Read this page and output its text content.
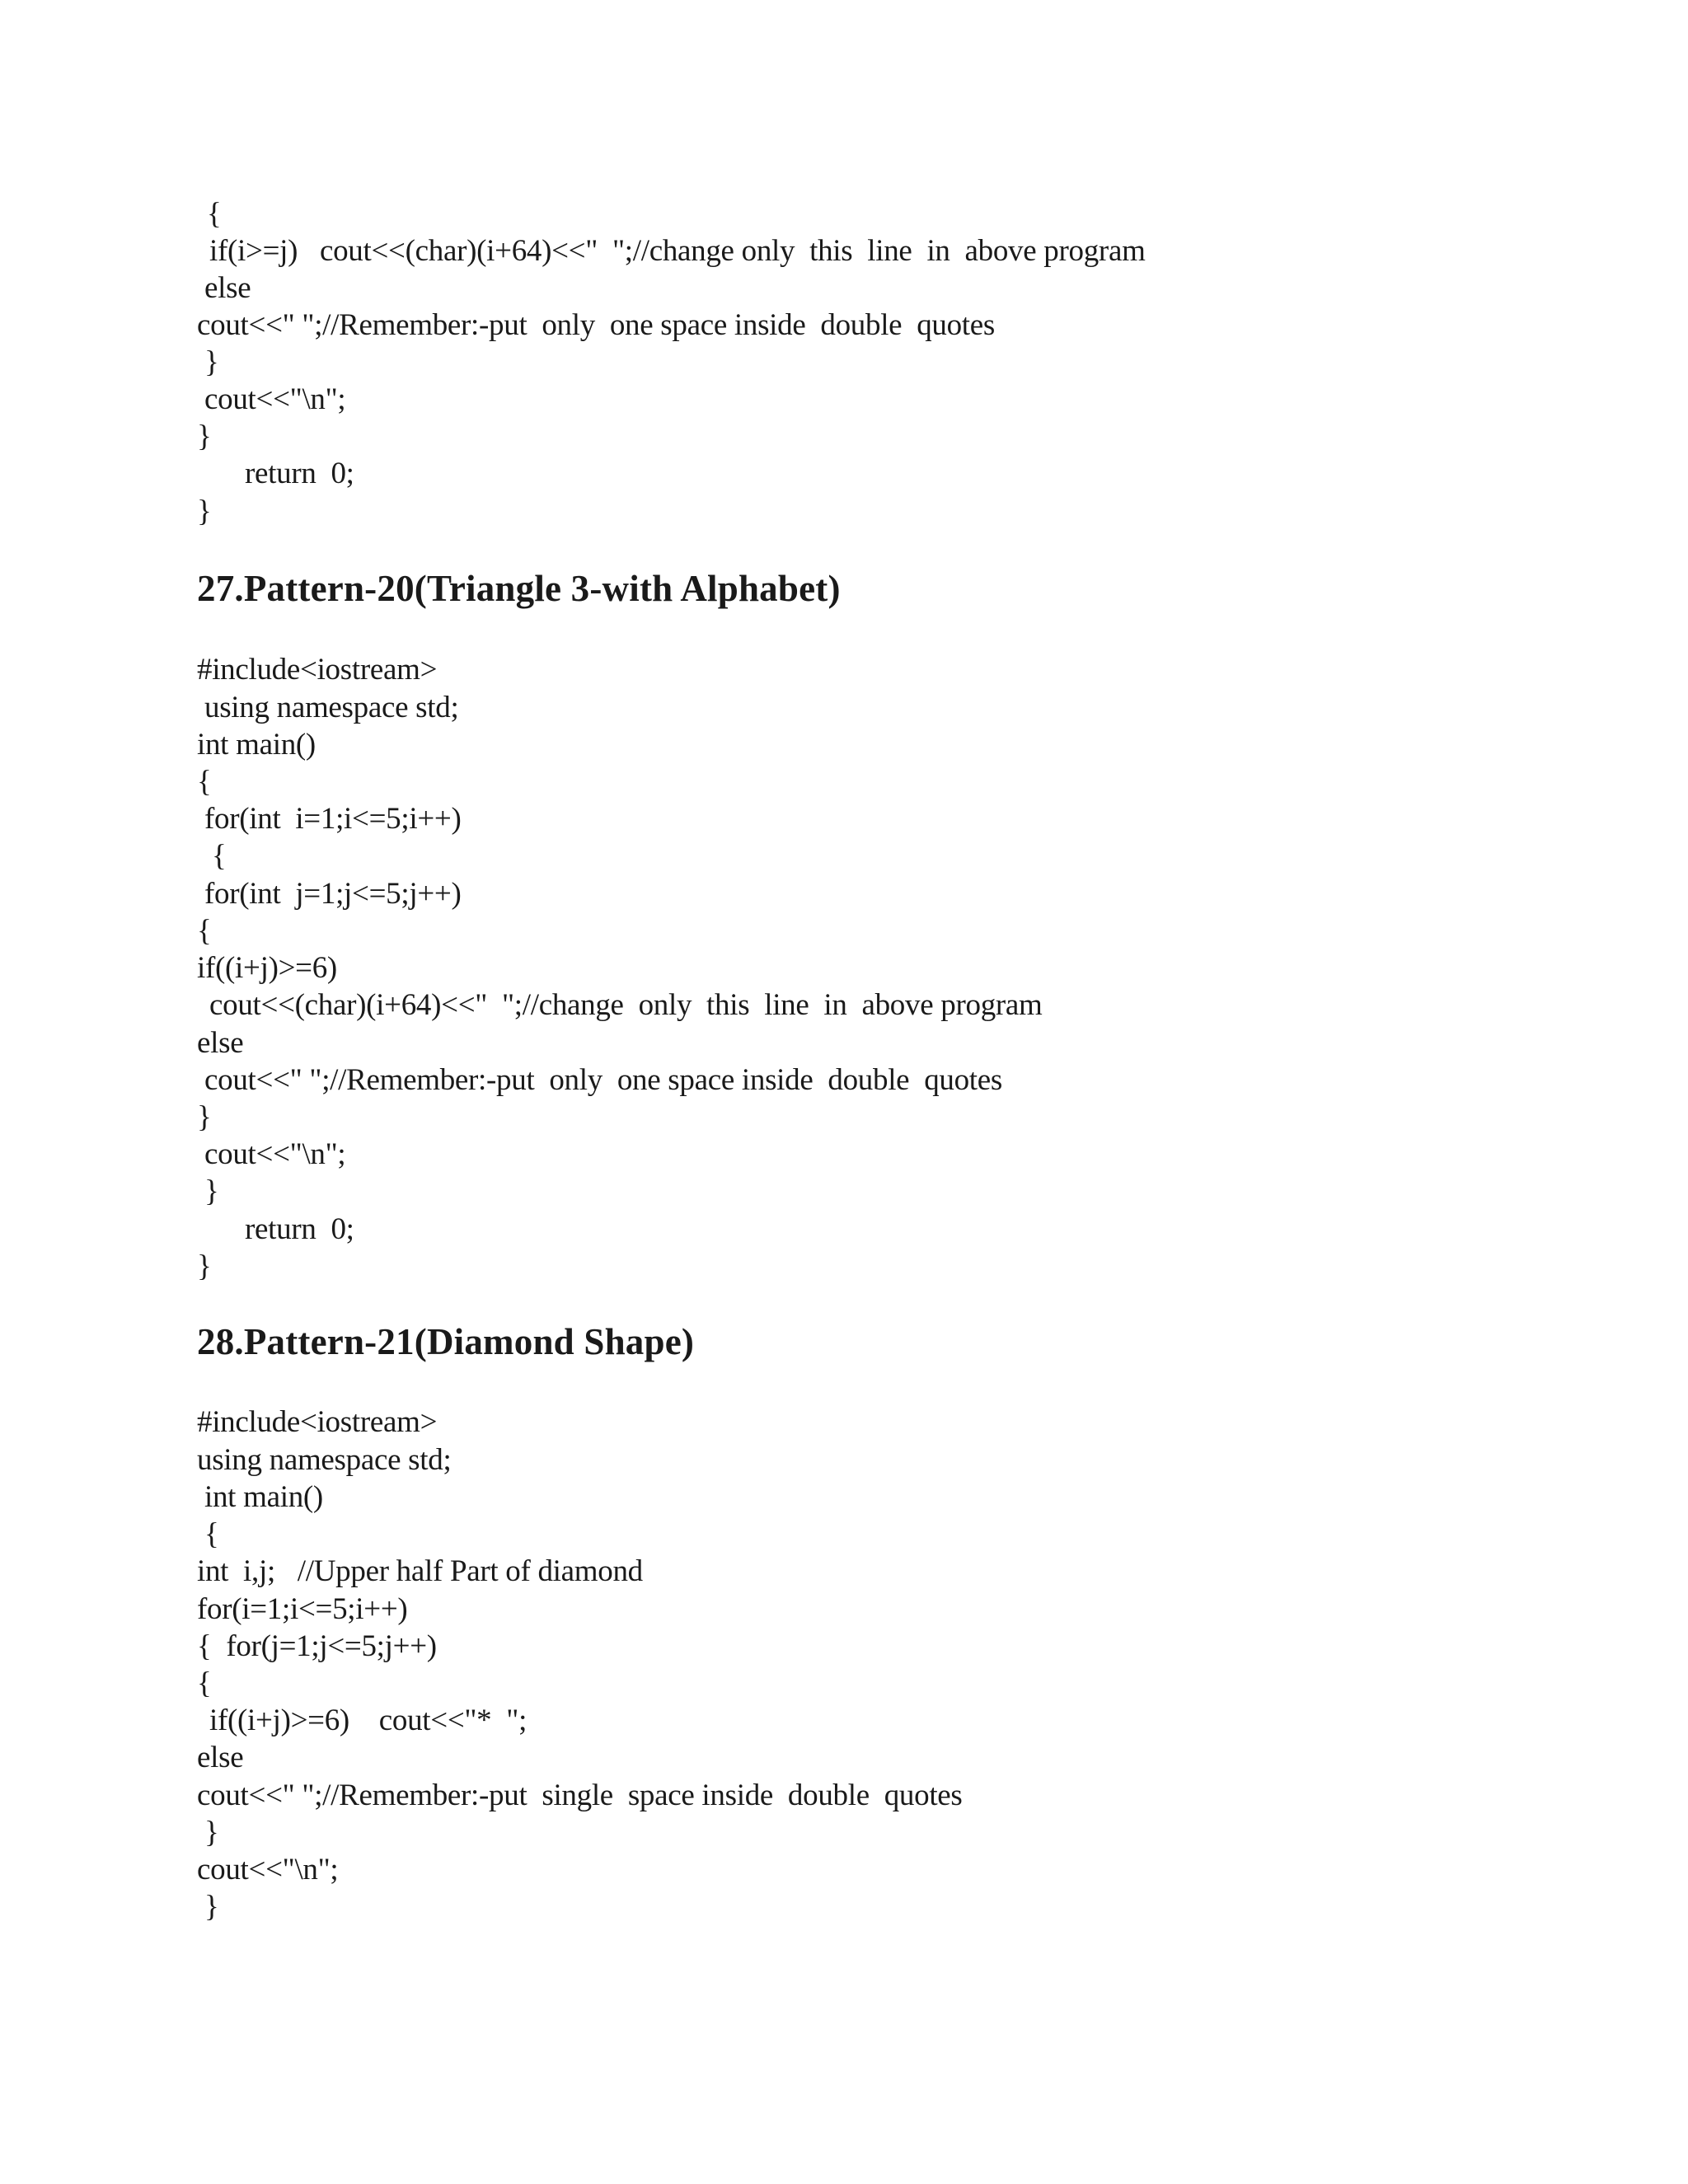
{
if(i>=j)   cout<<(char)(i+64)<<"  ";//change only  this  line  in  above program
else
cout<<" ";//Remember:-put  only  one space inside  double  quotes
}
cout<<"\n";
}
return  0;
}
27.Pattern-20(Triangle 3-with Alphabet)
#include<iostream>
using namespace std;
int main()
{
for(int  i=1;i<=5;i++)
{
for(int  j=1;j<=5;j++)
{
if((i+j)>=6)
cout<<(char)(i+64)<<"  ";//change  only  this  line  in  above program
else
cout<<" ";//Remember:-put  only  one space inside  double  quotes
}
cout<<"\n";
}
return  0;
}
28.Pattern-21(Diamond Shape)
#include<iostream>
using namespace std;
int main()
{
int  i,j;   //Upper half Part of diamond
for(i=1;i<=5;i++)
{  for(j=1;j<=5;j++)
{
if((i+j)>=6)    cout<<"*  ";
else
cout<<" ";//Remember:-put  single  space inside  double  quotes
}
cout<<"\n";
}
